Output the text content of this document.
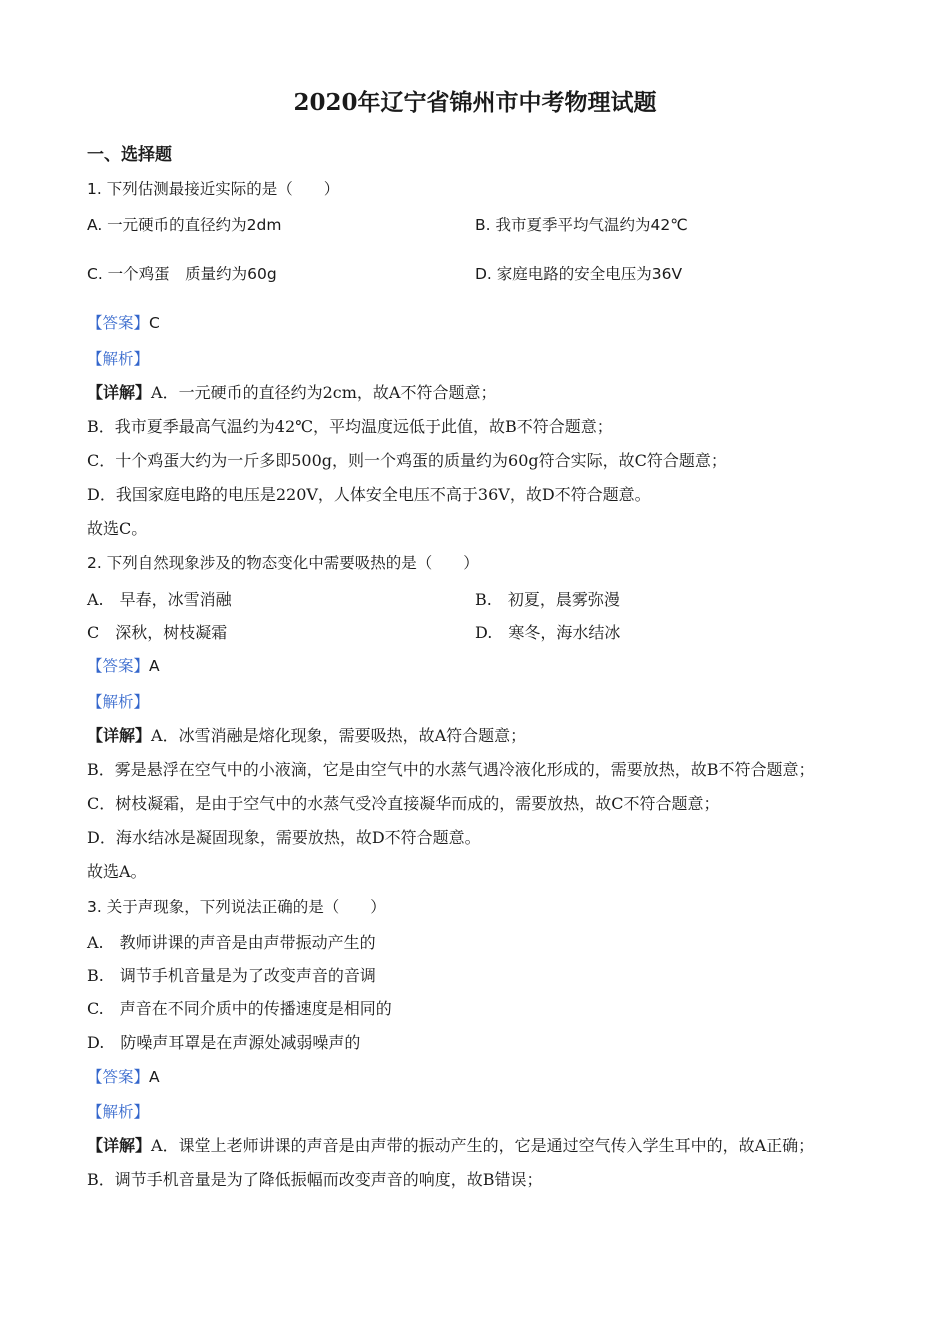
2020年辽宁省锦州市中考物理试题
一、选择题
1. 下列估测最接近实际的是（　　）
A. 一元硬币的直径约为2dm	B. 我市夏季平均气温约为42℃
C. 一个鸡蛋　质量约为60g	D. 家庭电路的安全电压为36V
【答案】C
【解析】
【详解】A．一元硬币的直径约为2cm，故A不符合题意；
B．我市夏季最高气温约为42℃，平均温度远低于此值，故B不符合题意；
C．十个鸡蛋大约为一斤多即500g，则一个鸡蛋的质量约为60g符合实际，故C符合题意；
D．我国家庭电路的电压是220V，人体安全电压不高于36V，故D不符合题意。
故选C。
2. 下列自然现象涉及的物态变化中需要吸热的是（　　）
A.　早春，冰雪消融	B.　初夏，晨雾弥漫
C　深秋，树枝凝霜	D.　寒冬，海水结冰
【答案】A
【解析】
【详解】A．冰雪消融是熔化现象，需要吸热，故A符合题意；
B．雾是悬浮在空气中的小液滴，它是由空气中的水蒸气遇冷液化形成的，需要放热，故B不符合题意；
C．树枝凝霜，是由于空气中的水蒸气受冷直接凝华而成的，需要放热，故C不符合题意；
D．海水结冰是凝固现象，需要放热，故D不符合题意。
故选A。
3. 关于声现象，下列说法正确的是（　　）
A.　教师讲课的声音是由声带振动产生的
B.　调节手机音量是为了改变声音的音调
C.　声音在不同介质中的传播速度是相同的
D.　防噪声耳罩是在声源处减弱噪声的
【答案】A
【解析】
【详解】A．课堂上老师讲课的声音是由声带的振动产生的，它是通过空气传入学生耳中的，故A正确；
B．调节手机音量是为了降低振幅而改变声音的响度，故B错误；
